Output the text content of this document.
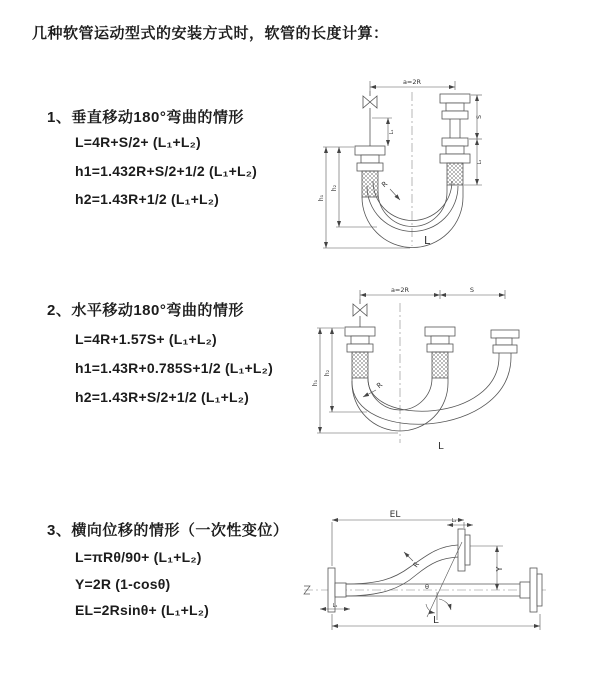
几种软管运动型式的安装方式时，软管的长度计算：
1、垂直移动180°弯曲的情形
L=4R+S/2+ (L₁+L₂)
h1=1.432R+S/2+1/2 (L₁+L₂)
h2=1.43R+1/2 (L₁+L₂)
2、水平移动180°弯曲的情形
L=4R+1.57S+ (L₁+L₂)
h1=1.43R+0.785S+1/2 (L₁+L₂)
h2=1.43R+S/2+1/2 (L₁+L₂)
3、横向位移的情形（一次性变位）
L=πRθ/90+ (L₁+L₂)
Y=2R (1-cosθ)
EL=2Rsinθ+ (L₁+L₂)
a=2R
L₁
S
L₂
h₁
h₂	R
L
a=2R	S
h₁
h₂
R
L
EL
L₂
L₁
Y
L
R
θ
